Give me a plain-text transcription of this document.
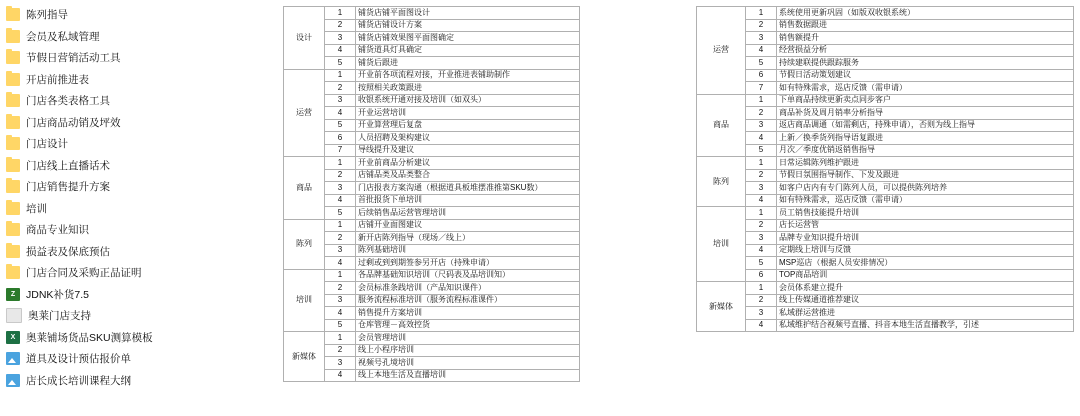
陈列指导
会员及私域管理
节假日营销活动工具
开店前推进表
门店各类表格工具
门店商品动销及坪效
门店设计
门店线上直播话术
门店销售提升方案
培训
商品专业知识
损益表及保底预估
门店合同及采购正品证明
Z	JDNK补货7.5
奥莱门店支持
X	奥莱铺场货品SKU测算模板
道具及设计预估报价单
店长成长培训课程大纲
设计	1	铺货店铺平面图设计
	2	铺货店铺设计方案
	3	铺货店铺效果图平面图确定
	4	铺货道具灯具确定
	5	铺货后跟进
运营	1	开业前各项流程对接，开业推进表铺助制作
	2	按照相关政策跟进
	3	收银系统开通对接及培训（如双头）
	4	开业运营培训
	5	开业算营理后复盘
	6	人员招聘及架构建议
	7	导线提升及建议
商品	1	开业前商品分析建议
	2	店铺品类及品类整合
	3	门店报表方案沟通（根据道具板堆摆准推第SKU数）
	4	首批报货下单培训
	5	后续销售品运营管理培训
陈列	1	店铺开业面图建议
	2	新开店陈列指导（现场／线上）
	3	陈列基础培训
	4	过剩或到到期签参另开店（持殊申请）
培训	1	各品牌基础知识培训（尺码表及品培训知）
	2	会员标准条践培训（产品知识课件）
	3	服务流程标准培训（服务流程标准课件）
	4	销售提升方案培训
	5	仓库管理－高效控货
新媒体	1	会员管理培训
	2	线上小程序培训
	3	视频号孔境培训
	4	线上本地生活及直播培训
运营	1	系统使用更新巩固（如版双收银系统）
	2	销售数据跟进
	3	销售额提升
	4	经营损益分析
	5	持续建联提供跟踪服务
	6	节假日活动策划建议
	7	如有特殊需求，巡店反馈（需申请）
商品	1	下单商品持续更新卖点同步客户
	2	商品补货及周月销率分析指导
	3	返店商品调通（如需剩店，持殊申请），否则为线上指导
	4	上新／换季货列指导语复跟进
	5	月次／季度优销返销售指导
陈列	1	日常运辑陈列维护跟进
	2	节假日氛围指导制作、下发及跟进
	3	如客户店内有专门陈列人员，可以提供陈列培养
	4	如有特殊需求，巡店反馈（需申请）
培训	1	员工销售技能提升培训
	2	店长运营管
	3	品牌专业知识提升培训
	4	定期线上培训与反馈
	5	MSP巡店（根据人员安排情况）
	6	TOP商品培训
新媒体	1	会员体系建立提升
	2	线上传媒通道推荐建议
	3	私域群运营推进
	4	私域维护结合视频号直播、抖音本地生活直播教学，引述
